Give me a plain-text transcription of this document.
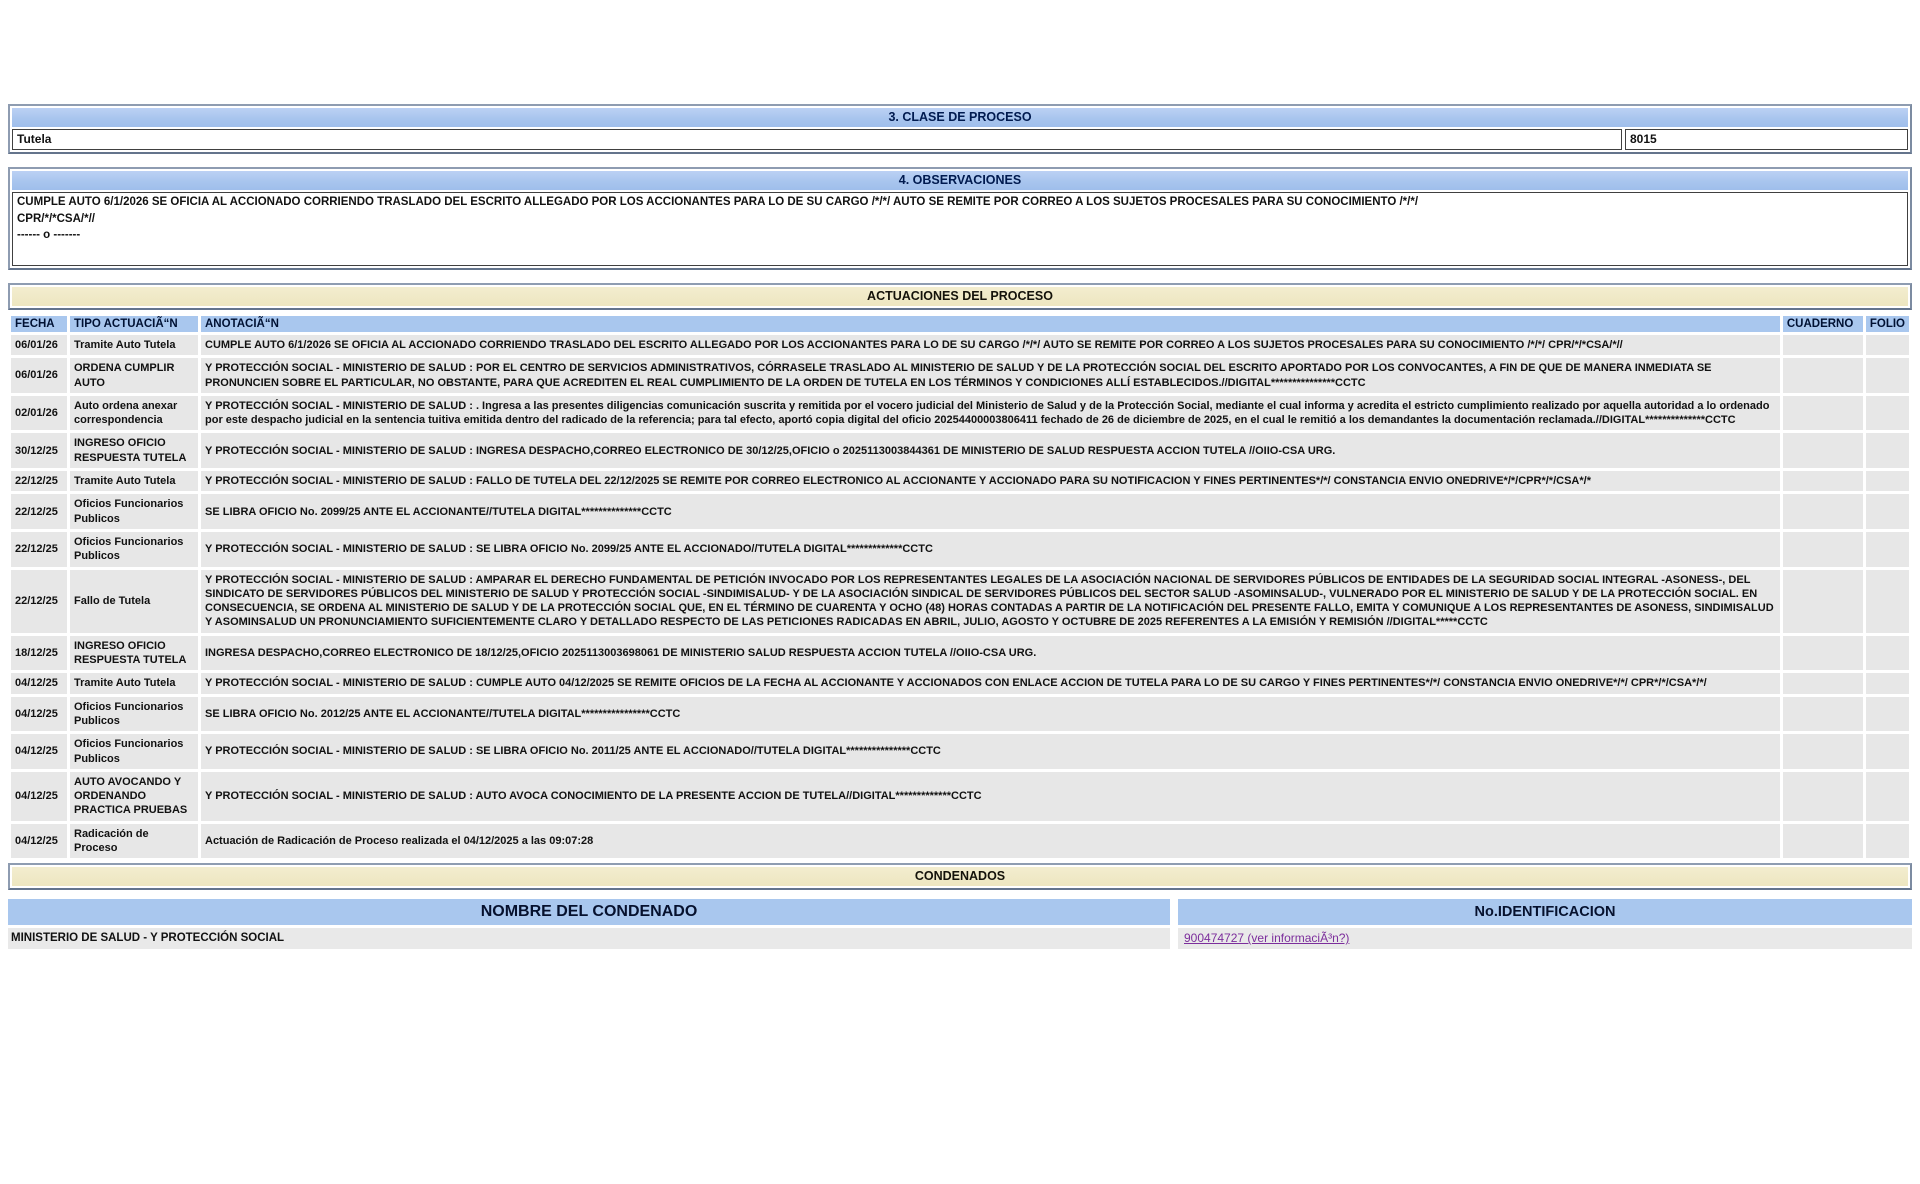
3. CLASE DE PROCESO
Tutela	8015
4. OBSERVACIONES
CUMPLE AUTO 6/1/2026 SE OFICIA AL ACCIONADO CORRIENDO TRASLADO DEL ESCRITO ALLEGADO POR LOS ACCIONANTES PARA LO DE SU CARGO /*/*/ AUTO SE REMITE POR CORREO A LOS SUJETOS PROCESALES PARA SU CONOCIMIENTO /*/*/
CPR/*/*CSA/*//
------ o -------
ACTUACIONES DEL PROCESO
FECHA	TIPO ACTUACIÃ“N	ANOTACIÃ“N	CUADERNO	FOLIO
06/01/26	Tramite Auto Tutela	CUMPLE AUTO 6/1/2026 SE OFICIA AL ACCIONADO CORRIENDO TRASLADO DEL ESCRITO ALLEGADO POR LOS ACCIONANTES PARA LO DE SU CARGO /*/*/ AUTO SE REMITE POR CORREO A LOS SUJETOS PROCESALES PARA SU CONOCIMIENTO /*/*/ CPR/*/*CSA/*//		
06/01/26	ORDENA CUMPLIR AUTO	Y PROTECCIÓN SOCIAL - MINISTERIO DE SALUD : POR EL CENTRO DE SERVICIOS ADMINISTRATIVOS, CÓRRASELE TRASLADO AL MINISTERIO DE SALUD Y DE LA PROTECCIÓN SOCIAL DEL ESCRITO APORTADO POR LOS CONVOCANTES, A FIN DE QUE DE MANERA INMEDIATA SE PRONUNCIEN SOBRE EL PARTICULAR, NO OBSTANTE, PARA QUE ACREDITEN EL REAL CUMPLIMIENTO DE LA ORDEN DE TUTELA EN LOS TÉRMINOS Y CONDICIONES ALLÍ ESTABLECIDOS.//DIGITAL***************CCTC		
02/01/26	Auto ordena anexar correspondencia	Y PROTECCIÓN SOCIAL - MINISTERIO DE SALUD : . Ingresa a las presentes diligencias comunicación suscrita y remitida por el vocero judicial del Ministerio de Salud y de la Protección Social, mediante el cual informa y acredita el estricto cumplimiento realizado por aquella autoridad a lo ordenado por este despacho judicial en la sentencia tuitiva emitida dentro del radicado de la referencia; para tal efecto, aportó copia digital del oficio 20254400003806411 fechado de 26 de diciembre de 2025, en el cual le remitió a los demandantes la documentación reclamada.//DIGITAL**************CCTC		
30/12/25	INGRESO OFICIO RESPUESTA TUTELA	Y PROTECCIÓN SOCIAL - MINISTERIO DE SALUD : INGRESA DESPACHO,CORREO ELECTRONICO DE 30/12/25,OFICIO o 2025113003844361 DE MINISTERIO DE SALUD RESPUESTA ACCION TUTELA //OIIO-CSA URG.		
22/12/25	Tramite Auto Tutela	Y PROTECCIÓN SOCIAL - MINISTERIO DE SALUD : FALLO DE TUTELA DEL 22/12/2025 SE REMITE POR CORREO ELECTRONICO AL ACCIONANTE Y ACCIONADO PARA SU NOTIFICACION Y FINES PERTINENTES*/*/ CONSTANCIA ENVIO ONEDRIVE*/*/CPR*/*/CSA*/*		
22/12/25	Oficios Funcionarios Publicos	SE LIBRA OFICIO No. 2099/25 ANTE EL ACCIONANTE//TUTELA DIGITAL**************CCTC		
22/12/25	Oficios Funcionarios Publicos	Y PROTECCIÓN SOCIAL - MINISTERIO DE SALUD : SE LIBRA OFICIO No. 2099/25 ANTE EL ACCIONADO//TUTELA DIGITAL*************CCTC		
22/12/25	Fallo de Tutela	Y PROTECCIÓN SOCIAL - MINISTERIO DE SALUD : AMPARAR EL DERECHO FUNDAMENTAL DE PETICIÓN INVOCADO POR LOS REPRESENTANTES LEGALES DE LA ASOCIACIÓN NACIONAL DE SERVIDORES PÚBLICOS DE ENTIDADES DE LA SEGURIDAD SOCIAL INTEGRAL -ASONESS-, DEL SINDICATO DE SERVIDORES PÚBLICOS DEL MINISTERIO DE SALUD Y PROTECCIÓN SOCIAL -SINDIMISALUD- Y DE LA ASOCIACIÓN SINDICAL DE SERVIDORES PÚBLICOS DEL SECTOR SALUD -ASOMINSALUD-, VULNERADO POR EL MINISTERIO DE SALUD Y DE LA PROTECCIÓN SOCIAL. EN CONSECUENCIA, SE ORDENA AL MINISTERIO DE SALUD Y DE LA PROTECCIÓN SOCIAL QUE, EN EL TÉRMINO DE CUARENTA Y OCHO (48) HORAS CONTADAS A PARTIR DE LA NOTIFICACIÓN DEL PRESENTE FALLO, EMITA Y COMUNIQUE A LOS REPRESENTANTES DE ASONESS, SINDIMISALUD Y ASOMINSALUD UN PRONUNCIAMIENTO SUFICIENTEMENTE CLARO Y DETALLADO RESPECTO DE LAS PETICIONES RADICADAS EN ABRIL, JULIO, AGOSTO Y OCTUBRE DE 2025 REFERENTES A LA EMISIÓN Y REMISIÓN //DIGITAL*****CCTC		
18/12/25	INGRESO OFICIO RESPUESTA TUTELA	INGRESA DESPACHO,CORREO ELECTRONICO DE 18/12/25,OFICIO 2025113003698061 DE MINISTERIO SALUD RESPUESTA ACCION TUTELA //OIIO-CSA URG.		
04/12/25	Tramite Auto Tutela	Y PROTECCIÓN SOCIAL - MINISTERIO DE SALUD : CUMPLE AUTO 04/12/2025 SE REMITE OFICIOS DE LA FECHA AL ACCIONANTE Y ACCIONADOS CON ENLACE ACCION DE TUTELA PARA LO DE SU CARGO Y FINES PERTINENTES*/*/ CONSTANCIA ENVIO ONEDRIVE*/*/ CPR*/*/CSA*/*/		
04/12/25	Oficios Funcionarios Publicos	SE LIBRA OFICIO No. 2012/25 ANTE EL ACCIONANTE//TUTELA DIGITAL****************CCTC		
04/12/25	Oficios Funcionarios Publicos	Y PROTECCIÓN SOCIAL - MINISTERIO DE SALUD : SE LIBRA OFICIO No. 2011/25 ANTE EL ACCIONADO//TUTELA DIGITAL***************CCTC		
04/12/25	AUTO AVOCANDO Y ORDENANDO PRACTICA PRUEBAS	Y PROTECCIÓN SOCIAL - MINISTERIO DE SALUD : AUTO AVOCA CONOCIMIENTO DE LA PRESENTE ACCION DE TUTELA//DIGITAL*************CCTC		
04/12/25	Radicación de Proceso	Actuación de Radicación de Proceso realizada el 04/12/2025 a las 09:07:28		
CONDENADOS
NOMBRE DEL CONDENADO	No.IDENTIFICACION
MINISTERIO DE SALUD - Y PROTECCIÓN SOCIAL	900474727 (ver informaciÃ³n?)
